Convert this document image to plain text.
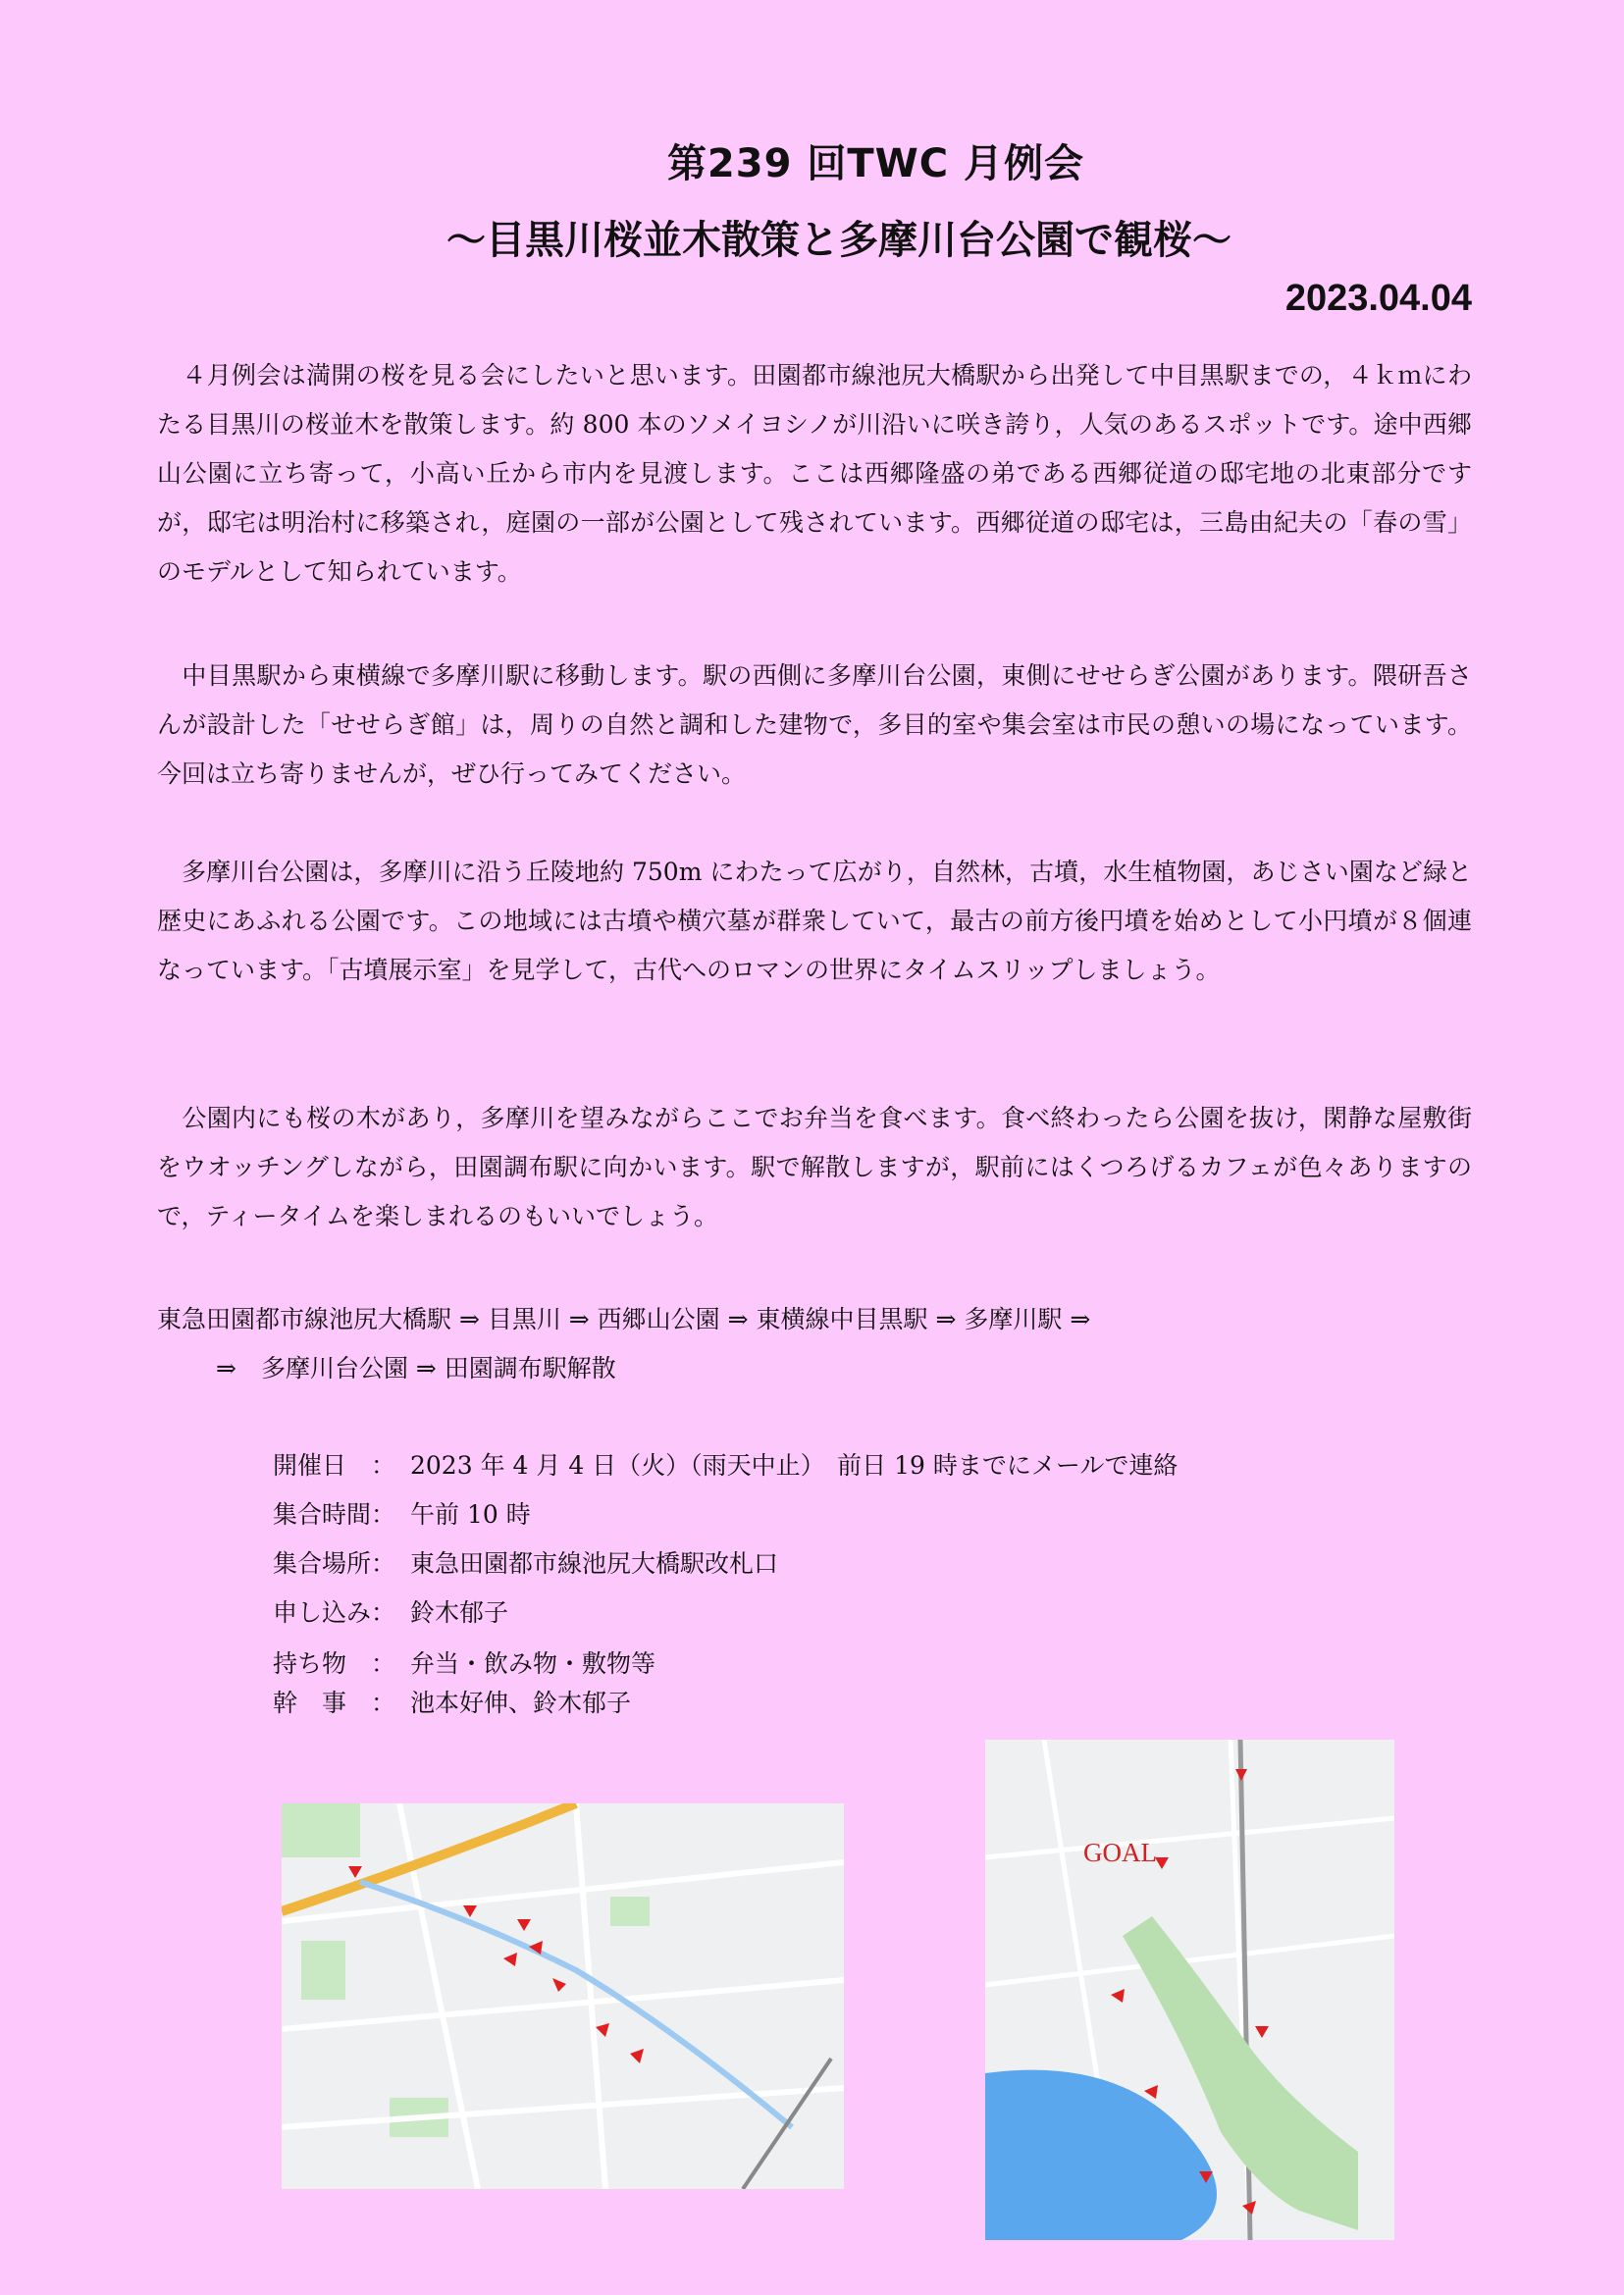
第239 回TWC 月例会
〜目黒川桜並木散策と多摩川台公園で観桜〜
2023.04.04

　４月例会は満開の桜を見る会にしたいと思います。田園都市線池尻大橋駅から出発して中目黒駅までの，４ｋｍにわたる目黒川の桜並木を散策します。約 800 本のソメイヨシノが川沿いに咲き誇り，人気のあるスポットです。途中西郷山公園に立ち寄って，小高い丘から市内を見渡します。ここは西郷隆盛の弟である西郷従道の邸宅地の北東部分ですが，邸宅は明治村に移築され，庭園の一部が公園として残されています。西郷従道の邸宅は，三島由紀夫の「春の雪」のモデルとして知られています。

　中目黒駅から東横線で多摩川駅に移動します。駅の西側に多摩川台公園，東側にせせらぎ公園があります。隈研吾さんが設計した「せせらぎ館」は，周りの自然と調和した建物で，多目的室や集会室は市民の憩いの場になっています。今回は立ち寄りませんが，ぜひ行ってみてください。

　多摩川台公園は，多摩川に沿う丘陵地約 750m にわたって広がり，自然林，古墳，水生植物園，あじさい園など緑と歴史にあふれる公園です。この地域には古墳や横穴墓が群衆していて，最古の前方後円墳を始めとして小円墳が８個連なっています。「古墳展示室」を見学して，古代へのロマンの世界にタイムスリップしましょう。

　公園内にも桜の木があり，多摩川を望みながらここでお弁当を食べます。食べ終わったら公園を抜け，閑静な屋敷街をウオッチングしながら，田園調布駅に向かいます。駅で解散しますが，駅前にはくつろげるカフェが色々ありますので，ティータイムを楽しまれるのもいいでしょう。

東急田園都市線池尻大橋駅 ⇒ 目黒川 ⇒ 西郷山公園 ⇒ 東横線中目黒駅 ⇒ 多摩川駅 ⇒
⇒　多摩川台公園 ⇒ 田園調布駅解散
開催日　： 2023 年 4 月 4 日（火）（雨天中止）　前日 19 時までにメールで連絡
集合時間： 午前 10 時
集合場所： 東急田園都市線池尻大橋駅改札口
申し込み： 鈴木郁子
持ち物　： 弁当・飲み物・敷物等
幹　事　： 池本好伸、鈴木郁子
GOAL
